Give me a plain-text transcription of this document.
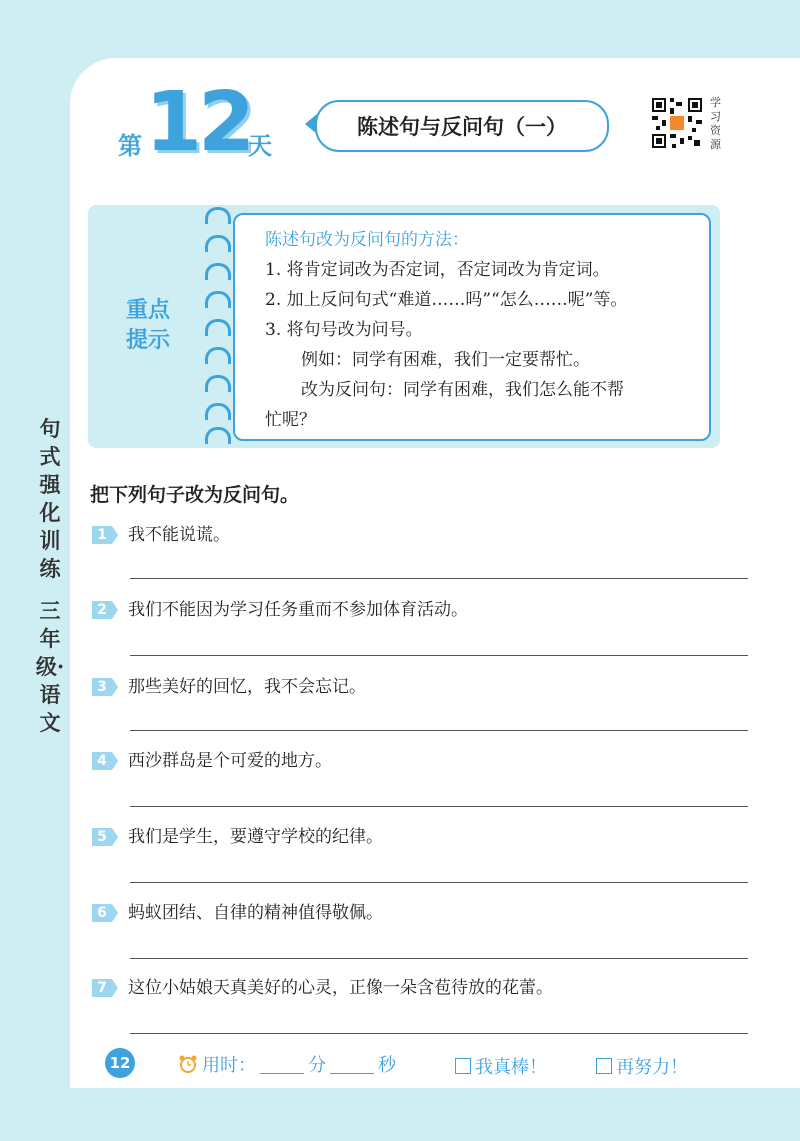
句式强化训练
三年级·语文
第 12
天
陈述句与反问句（一）
学习资源
重点提示
陈述句改为反问句的方法：
1. 将肯定词改为否定词，否定词改为肯定词。
2. 加上反问句式“难道……吗”“怎么……呢”等。
3. 将句号改为问号。
例如：同学有困难，我们一定要帮忙。
改为反问句：同学有困难，我们怎么能不帮
忙呢？
把下列句子改为反问句。
1	我不能说谎。
2	我们不能因为学习任务重而不参加体育活动。
3	那些美好的回忆，我不会忘记。
4	西沙群岛是个可爱的地方。
5	我们是学生，要遵守学校的纪律。
6	蚂蚁团结、自律的精神值得敬佩。
7	这位小姑娘天真美好的心灵，正像一朵含苞待放的花蕾。
12	用时：	分	秒	我真棒！	再努力！
